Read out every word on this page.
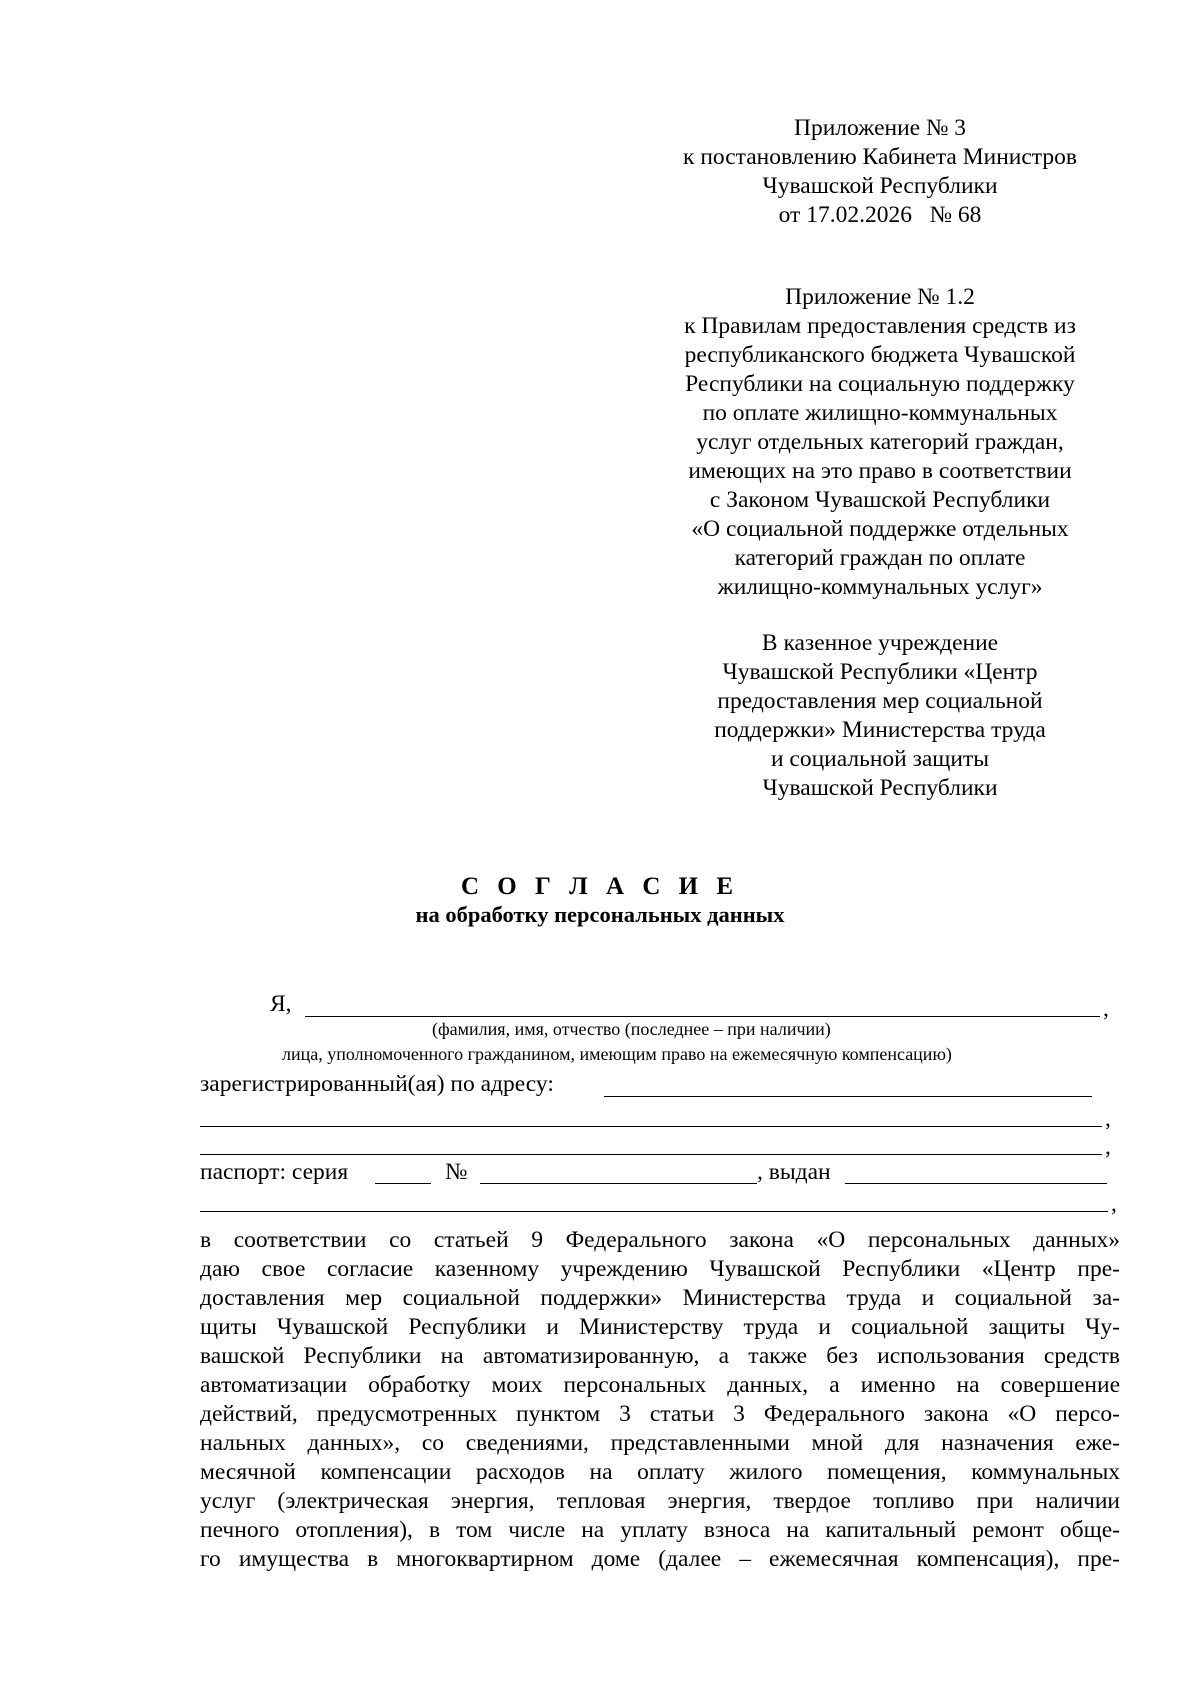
Приложение № 3
к постановлению Кабинета Министров
Чувашской Республики
от 17.02.2026   № 68
Приложение № 1.2
к Правилам предоставления средств из
республиканского бюджета Чувашской
Республики на социальную поддержку
по оплате жилищно-коммунальных
услуг отдельных категорий граждан,
имеющих на это право в соответствии
с Законом Чувашской Республики
«О социальной поддержке отдельных
категорий граждан по оплате
жилищно-коммунальных услуг»
В казенное учреждение
Чувашской Республики «Центр
предоставления мер социальной
поддержки» Министерства труда
и социальной защиты
Чувашской Республики
С О Г Л А С И Е
на обработку персональных данных
Я,	,
(фамилия, имя, отчество (последнее – при наличии)
лица, уполномоченного гражданином, имеющим право на ежемесячную компенсацию)
зарегистрированный(ая) по адресу:
,
,
паспорт: серия	№	, выдан
,
в соответствии со статьей 9 Федерального закона «О персональных данных»
даю свое согласие казенному учреждению Чувашской Республики «Центр пре-
доставления мер социальной поддержки» Министерства труда и социальной за-
щиты Чувашской Республики и Министерству труда и социальной защиты Чу-
вашской Республики на автоматизированную, а также без использования средств
автоматизации обработку моих персональных данных, а именно на совершение
действий, предусмотренных пунктом 3 статьи 3 Федерального закона «О персо-
нальных данных», со сведениями, представленными мной для назначения еже-
месячной компенсации расходов на оплату жилого помещения, коммунальных
услуг (электрическая энергия, тепловая энергия, твердое топливо при наличии
печного отопления), в том числе на уплату взноса на капитальный ремонт обще-
го имущества в многоквартирном доме (далее – ежемесячная компенсация), пре-
